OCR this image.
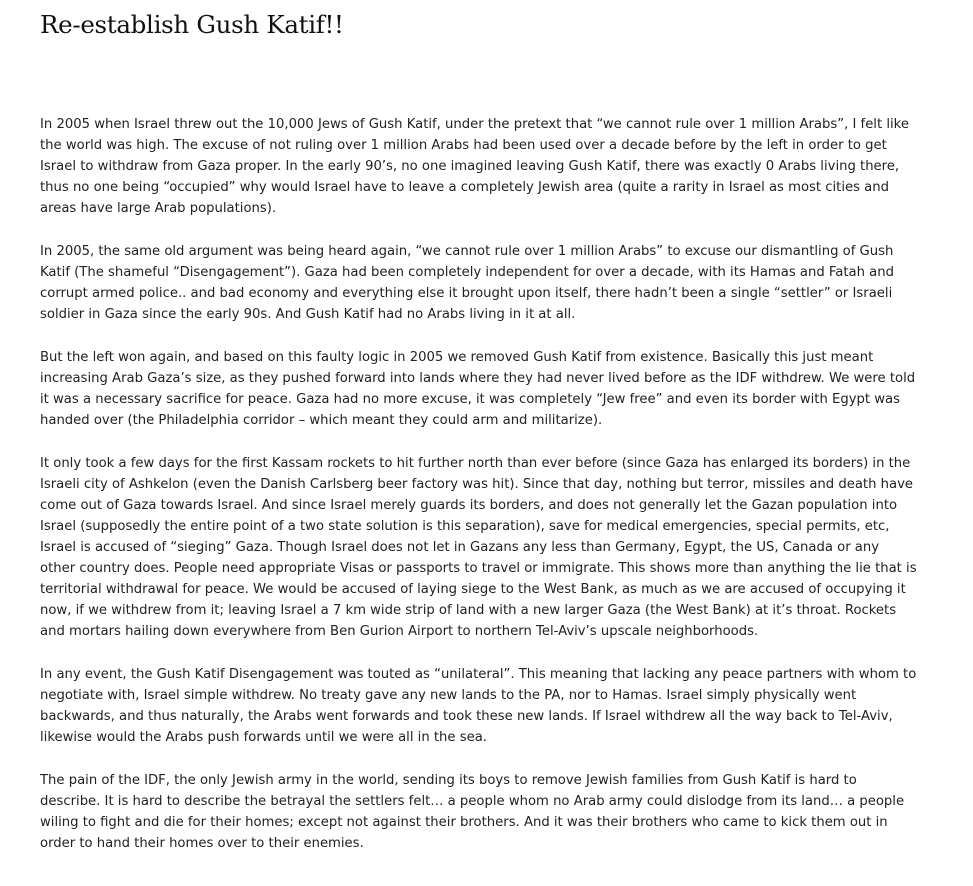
Re-establish Gush Katif!!

In 2005 when Israel threw out the 10,000 Jews of Gush Katif, under the pretext that “we cannot rule over 1 million Arabs”, I felt like the world was high. The excuse of not ruling over 1 million Arabs had been used over a decade before by the left in order to get Israel to withdraw from Gaza proper. In the early 90’s, no one imagined leaving Gush Katif, there was exactly 0 Arabs living there, thus no one being “occupied” why would Israel have to leave a completely Jewish area (quite a rarity in Israel as most cities and areas have large Arab populations).

In 2005, the same old argument was being heard again, “we cannot rule over 1 million Arabs” to excuse our dismantling of Gush Katif (The shameful “Disengagement”). Gaza had been completely independent for over a decade, with its Hamas and Fatah and corrupt armed police.. and bad economy and everything else it brought upon itself, there hadn’t been a single “settler” or Israeli soldier in Gaza since the early 90s. And Gush Katif had no Arabs living in it at all.

But the left won again, and based on this faulty logic in 2005 we removed Gush Katif from existence. Basically this just meant increasing Arab Gaza’s size, as they pushed forward into lands where they had never lived before as the IDF withdrew. We were told it was a necessary sacrifice for peace. Gaza had no more excuse, it was completely “Jew free” and even its border with Egypt was handed over (the Philadelphia corridor – which meant they could arm and militarize).

It only took a few days for the first Kassam rockets to hit further north than ever before (since Gaza has enlarged its borders) in the Israeli city of Ashkelon (even the Danish Carlsberg beer factory was hit). Since that day, nothing but terror, missiles and death have come out of Gaza towards Israel. And since Israel merely guards its borders, and does not generally let the Gazan population into Israel (supposedly the entire point of a two state solution is this separation), save for medical emergencies, special permits, etc, Israel is accused of “sieging” Gaza. Though Israel does not let in Gazans any less than Germany, Egypt, the US, Canada or any other country does. People need appropriate Visas or passports to travel or immigrate. This shows more than anything the lie that is territorial withdrawal for peace. We would be accused of laying siege to the West Bank, as much as we are accused of occupying it now, if we withdrew from it; leaving Israel a 7 km wide strip of land with a new larger Gaza (the West Bank) at it’s throat. Rockets and mortars hailing down everywhere from Ben Gurion Airport to northern Tel-Aviv’s upscale neighborhoods.

In any event, the Gush Katif Disengagement was touted as “unilateral”. This meaning that lacking any peace partners with whom to negotiate with, Israel simple withdrew. No treaty gave any new lands to the PA, nor to Hamas. Israel simply physically went backwards, and thus naturally, the Arabs went forwards and took these new lands. If Israel withdrew all the way back to Tel-Aviv, likewise would the Arabs push forwards until we were all in the sea.

The pain of the IDF, the only Jewish army in the world, sending its boys to remove Jewish families from Gush Katif is hard to describe. It is hard to describe the betrayal the settlers felt… a people whom no Arab army could dislodge from its land… a people wiling to fight and die for their homes; except not against their brothers. And it was their brothers who came to kick them out in order to hand their homes over to their enemies.
